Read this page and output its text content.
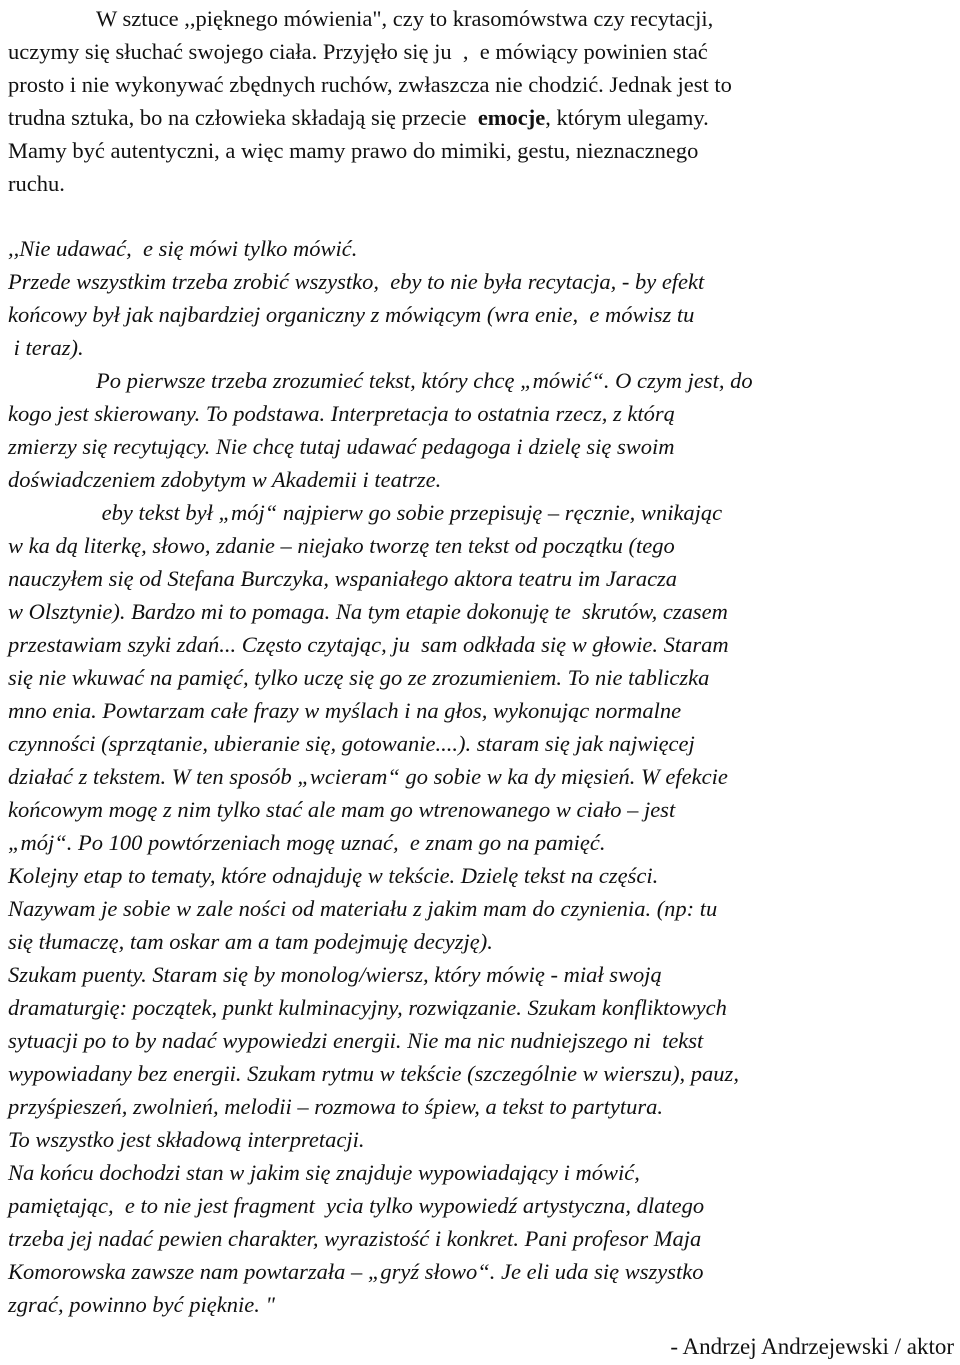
W sztuce ,,pięknego mówienia", czy to krasomówstwa czy recytacji,
uczymy się słuchać swojego ciała. Przyjęło się ju  ,  e mówiący powinien stać
prosto i nie wykonywać zbędnych ruchów, zwłaszcza nie chodzić. Jednak jest to
trudna sztuka, bo na człowieka składają się przecie  emocje, którym ulegamy.
Mamy być autentyczni, a więc mamy prawo do mimiki, gestu, nieznacznego
ruchu.
,,Nie udawać,  e się mówi tylko mówić.
Przede wszystkim trzeba zrobić wszystko,  eby to nie była recytacja, - by efekt
końcowy był jak najbardziej organiczny z mówiącym (wra enie,  e mówisz tu
i teraz).
Po pierwsze trzeba zrozumieć tekst, który chcę „mówić“. O czym jest, do
kogo jest skierowany. To podstawa. Interpretacja to ostatnia rzecz, z którą
zmierzy się recytujący. Nie chcę tutaj udawać pedagoga i dzielę się swoim
doświadczeniem zdobytym w Akademii i teatrze.
eby tekst był „mój“ najpierw go sobie przepisuję – ręcznie, wnikając
w ka dą literkę, słowo, zdanie – niejako tworzę ten tekst od początku (tego
nauczyłem się od Stefana Burczyka, wspaniałego aktora teatru im Jaracza
w Olsztynie). Bardzo mi to pomaga. Na tym etapie dokonuję te  skrutów, czasem
przestawiam szyki zdań... Często czytając, ju  sam odkłada się w głowie. Staram
się nie wkuwać na pamięć, tylko uczę się go ze zrozumieniem. To nie tabliczka
mno enia. Powtarzam całe frazy w myślach i na głos, wykonując normalne
czynności (sprzątanie, ubieranie się, gotowanie....). staram się jak najwięcej
działać z tekstem. W ten sposób „wcieram“ go sobie w ka dy mięsień. W efekcie
końcowym mogę z nim tylko stać ale mam go wtrenowanego w ciało – jest
„mój“. Po 100 powtórzeniach mogę uznać,  e znam go na pamięć.
Kolejny etap to tematy, które odnajduję w tekście. Dzielę tekst na części.
Nazywam je sobie w zale ności od materiału z jakim mam do czynienia. (np: tu
się tłumaczę, tam oskar am a tam podejmuję decyzję).
Szukam puenty. Staram się by monolog/wiersz, który mówię - miał swoją
dramaturgię: początek, punkt kulminacyjny, rozwiązanie. Szukam konfliktowych
sytuacji po to by nadać wypowiedzi energii. Nie ma nic nudniejszego ni  tekst
wypowiadany bez energii. Szukam rytmu w tekście (szczególnie w wierszu), pauz,
przyśpieszeń, zwolnień, melodii – rozmowa to śpiew, a tekst to partytura.
To wszystko jest składową interpretacji.
Na końcu dochodzi stan w jakim się znajduje wypowiadający i mówić,
pamiętając,  e to nie jest fragment  ycia tylko wypowiedź artystyczna, dlatego
trzeba jej nadać pewien charakter, wyrazistość i konkret. Pani profesor Maja
Komorowska zawsze nam powtarzała – „gryź słowo“. Je eli uda się wszystko
zgrać, powinno być pięknie. "
- Andrzej Andrzejewski / aktor
